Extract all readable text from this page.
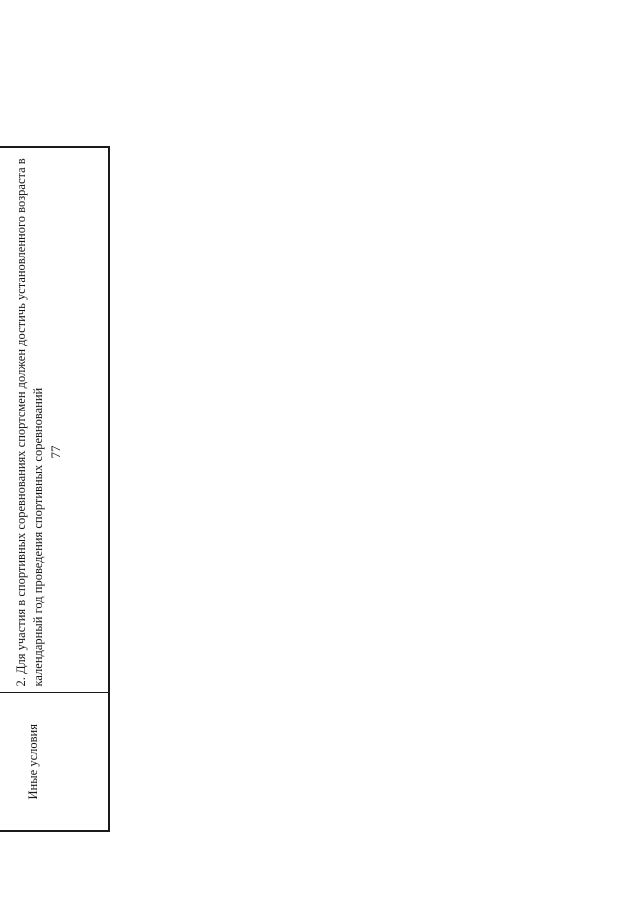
77

Иные условия	2. Для участия в спортивных соревнованиях спортсмен должен достичь установленного возраста в календарный год проведения спортивных соревнований			
